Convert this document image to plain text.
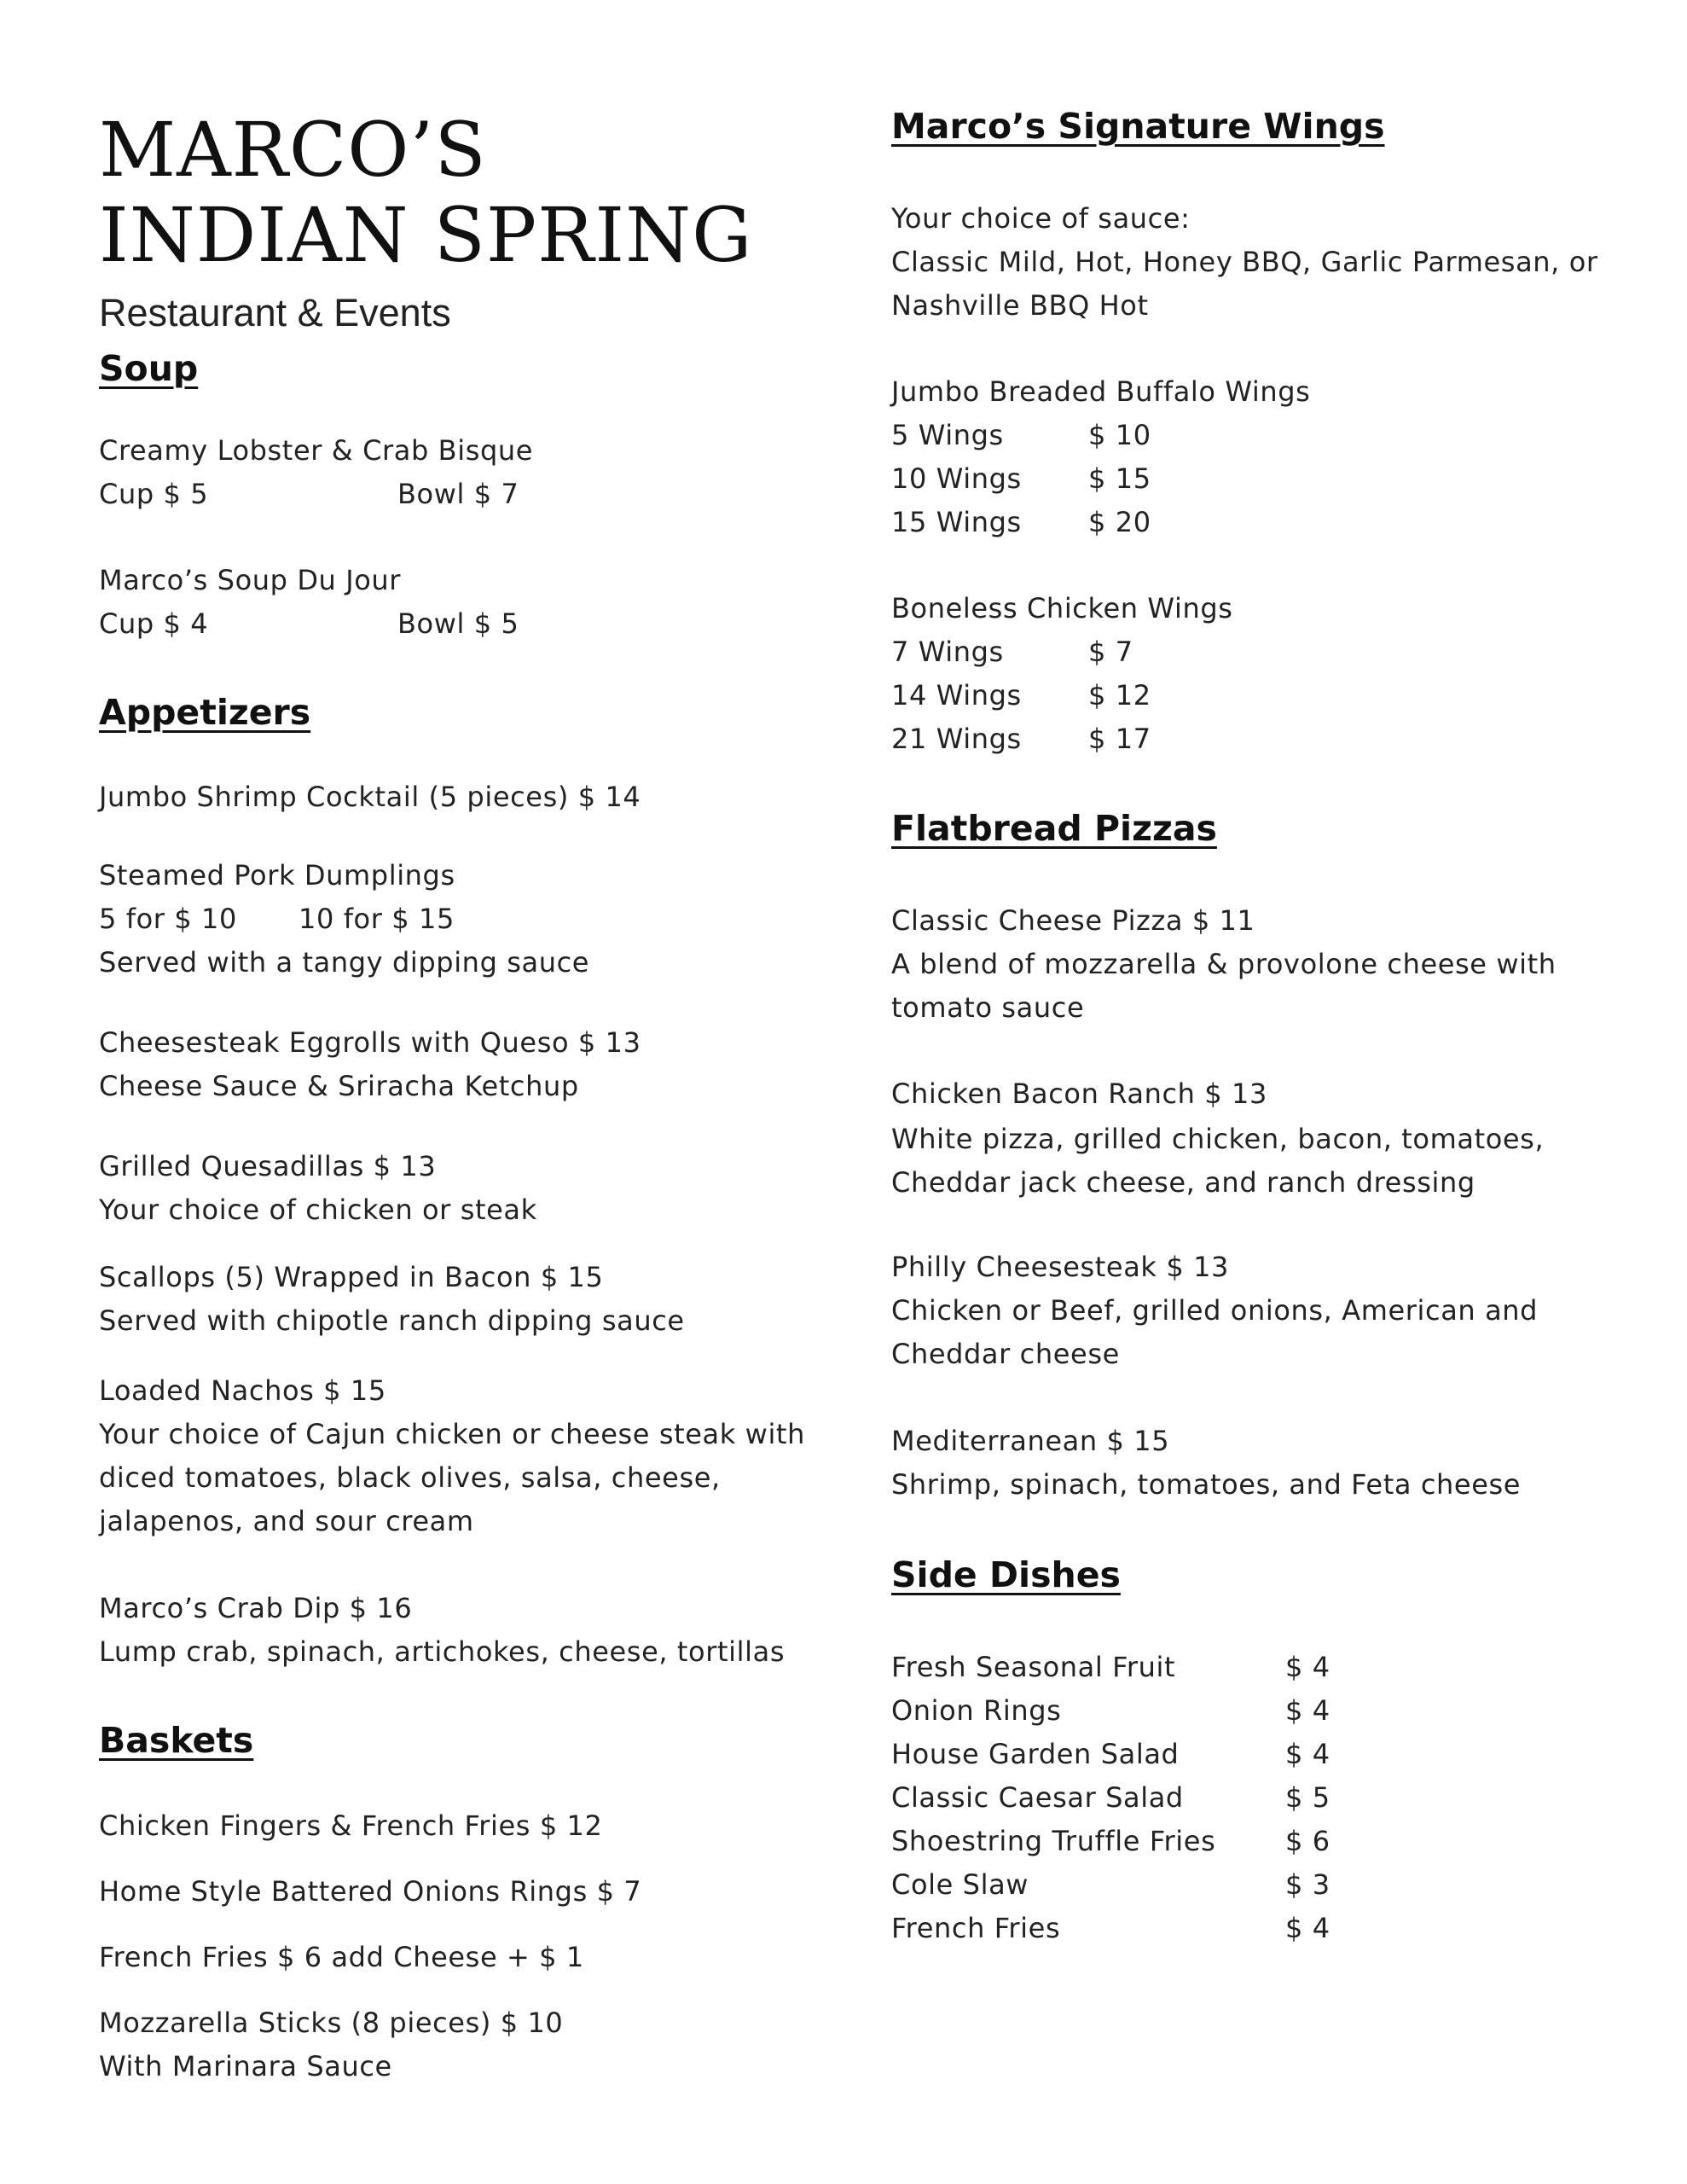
MARCO’S
INDIAN SPRING
Restaurant & Events
Soup
Creamy Lobster & Crab Bisque
Cup $ 5	Bowl $ 7
Marco’s Soup Du Jour
Cup $ 4	Bowl $ 5
Appetizers
Jumbo Shrimp Cocktail (5 pieces) $ 14
Steamed Pork Dumplings
5 for $ 10 10 for $ 15
Served with a tangy dipping sauce
Cheesesteak Eggrolls with Queso $ 13
Cheese Sauce & Sriracha Ketchup
Grilled Quesadillas $ 13
Your choice of chicken or steak
Scallops (5) Wrapped in Bacon $ 15
Served with chipotle ranch dipping sauce
Loaded Nachos $ 15
Your choice of Cajun chicken or cheese steak with
diced tomatoes, black olives, salsa, cheese,
jalapenos, and sour cream
Marco’s Crab Dip $ 16
Lump crab, spinach, artichokes, cheese, tortillas
Baskets
Chicken Fingers & French Fries $ 12
Home Style Battered Onions Rings $ 7
French Fries $ 6 add Cheese + $ 1
Mozzarella Sticks (8 pieces) $ 10
With Marinara Sauce
Marco’s Signature Wings
Your choice of sauce:
Classic Mild, Hot, Honey BBQ, Garlic Parmesan, or
Nashville BBQ Hot
Jumbo Breaded Buffalo Wings
5 Wings	$ 10
10 Wings $ 15
15 Wings $ 20
Boneless Chicken Wings
7 Wings	$ 7
14 Wings $ 12
21 Wings $ 17
Flatbread Pizzas
Classic Cheese Pizza $ 11
A blend of mozzarella & provolone cheese with
tomato sauce
Chicken Bacon Ranch $ 13
White pizza, grilled chicken, bacon, tomatoes,
Cheddar jack cheese, and ranch dressing
Philly Cheesesteak $ 13
Chicken or Beef, grilled onions, American and
Cheddar cheese
Mediterranean $ 15
Shrimp, spinach, tomatoes, and Feta cheese
Side Dishes
Fresh Seasonal Fruit	$ 4
Onion Rings	$ 4
House Garden Salad	$ 4
Classic Caesar Salad	$ 5
Shoestring Truffle Fries	$ 6
Cole Slaw	$ 3
French Fries	$ 4
